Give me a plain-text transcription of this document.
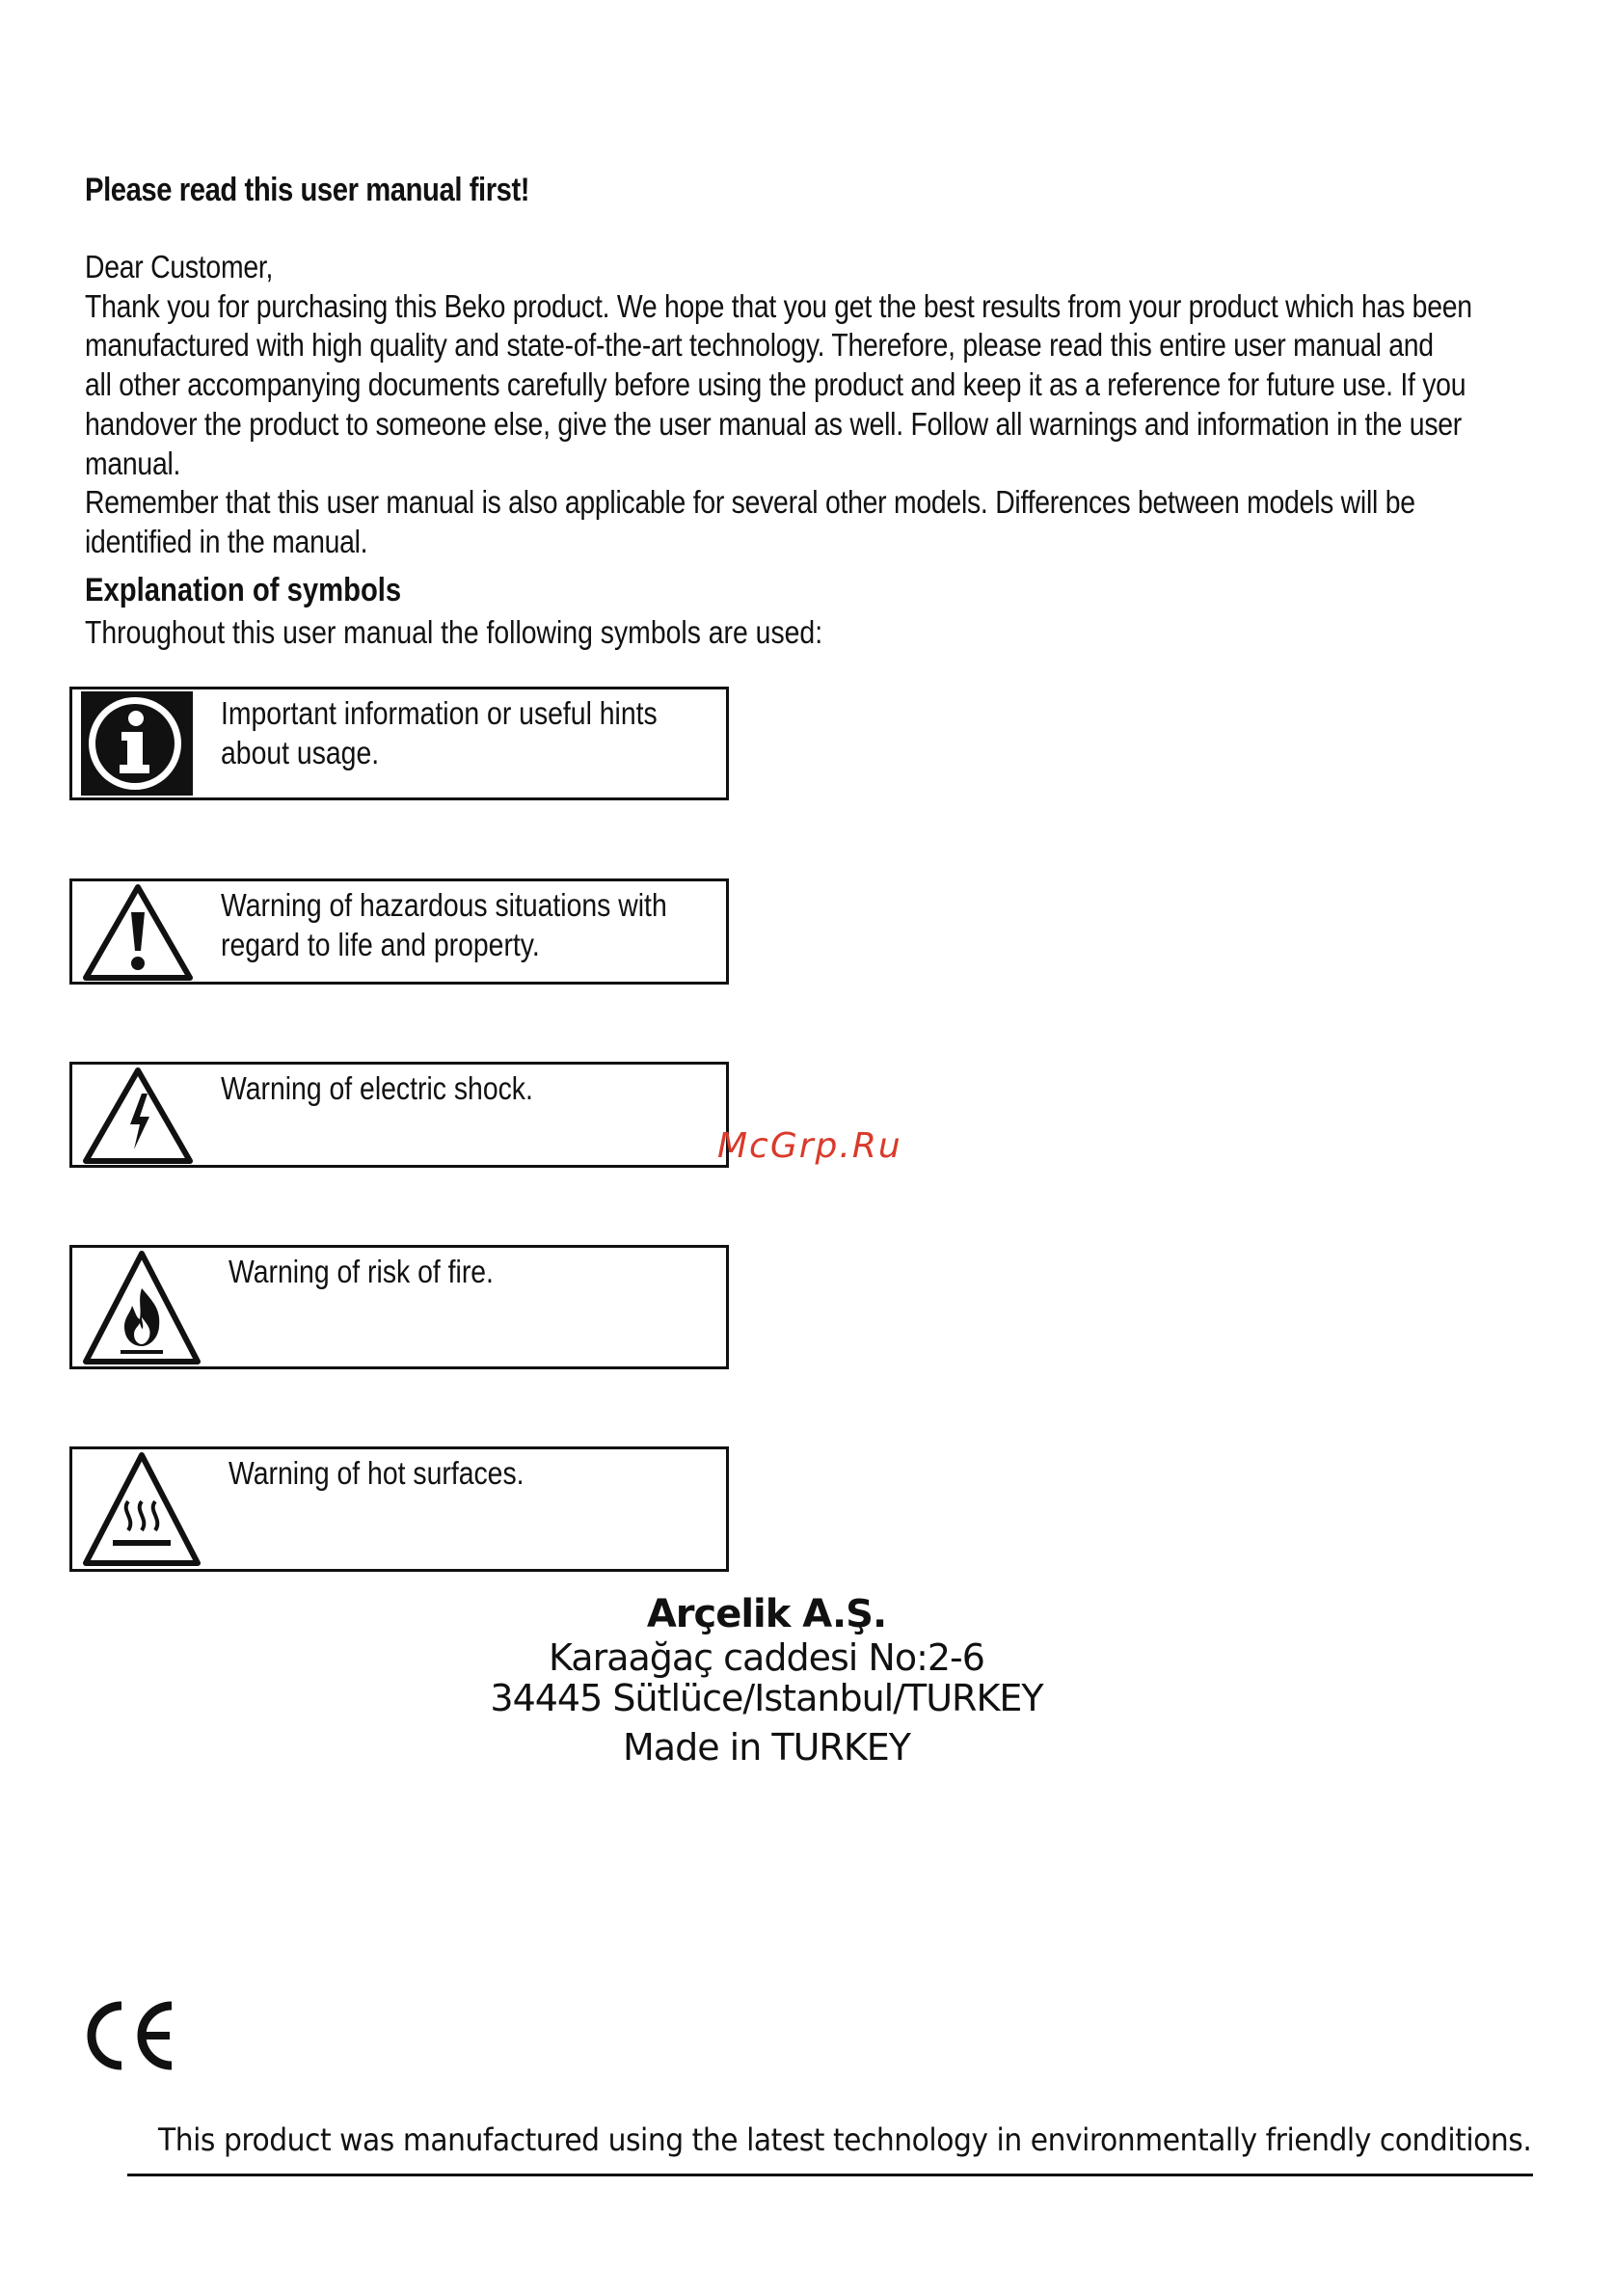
Please read this user manual first!

Dear Customer,

Thank you for purchasing this Beko product. We hope that you get the best results from your product which has been
manufactured with high quality and state-of-the-art technology. Therefore, please read this entire user manual and
all other accompanying documents carefully before using the product and keep it as a reference for future use. If you
handover the product to someone else, give the user manual as well. Follow all warnings and information in the user
manual.

Remember that this user manual is also applicable for several other models. Differences between models will be
identified in the manual.

Explanation of symbols
Throughout this user manual the following symbols are used:
Important information or useful hints
about usage.
Warning of hazardous situations with
regard to life and property.
Warning of electric shock.
Warning of risk of fire.
Warning of hot surfaces.
McGrp.Ru
Arçelik A.Ş.
Karaağaç caddesi No:2-6
34445 Sütlüce/Istanbul/TURKEY
Made in TURKEY
This product was manufactured using the latest technology in environmentally friendly conditions.
